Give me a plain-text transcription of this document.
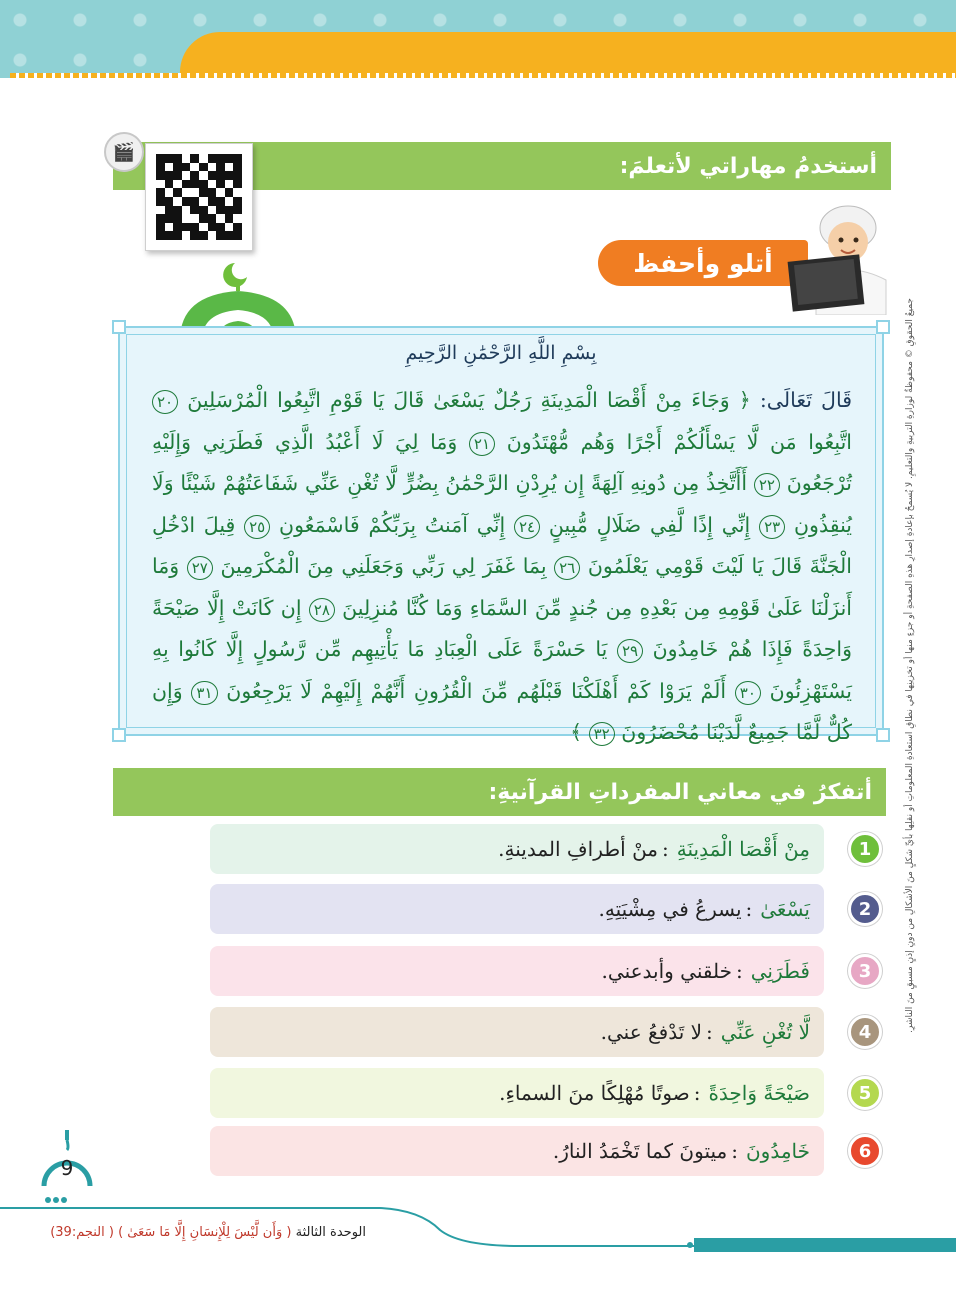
أستخدمُ مهاراتي لأتعلمَ:
🎬
أتلو وأحفظ
بِسْمِ اللَّهِ الرَّحْمَٰنِ الرَّحِيمِ
قَالَ تَعَالَى: ﴿ وَجَاءَ مِنْ أَقْصَا الْمَدِينَةِ رَجُلٌ يَسْعَىٰ قَالَ يَا قَوْمِ اتَّبِعُوا الْمُرْسَلِينَ ٢٠ اتَّبِعُوا مَن لَّا يَسْأَلُكُمْ أَجْرًا وَهُم مُّهْتَدُونَ ٢١ وَمَا لِيَ لَا أَعْبُدُ الَّذِي فَطَرَنِي وَإِلَيْهِ تُرْجَعُونَ ٢٢ أَأَتَّخِذُ مِن دُونِهِ آلِهَةً إِن يُرِدْنِ الرَّحْمَٰنُ بِضُرٍّ لَّا تُغْنِ عَنِّي شَفَاعَتُهُمْ شَيْئًا وَلَا يُنقِذُونِ ٢٣ إِنِّي إِذًا لَّفِي ضَلَالٍ مُّبِينٍ ٢٤ إِنِّي آمَنتُ بِرَبِّكُمْ فَاسْمَعُونِ ٢٥ قِيلَ ادْخُلِ الْجَنَّةَ قَالَ يَا لَيْتَ قَوْمِي يَعْلَمُونَ ٢٦ بِمَا غَفَرَ لِي رَبِّي وَجَعَلَنِي مِنَ الْمُكْرَمِينَ ٢٧ وَمَا أَنزَلْنَا عَلَىٰ قَوْمِهِ مِن بَعْدِهِ مِن جُندٍ مِّنَ السَّمَاءِ وَمَا كُنَّا مُنزِلِينَ ٢٨ إِن كَانَتْ إِلَّا صَيْحَةً وَاحِدَةً فَإِذَا هُمْ خَامِدُونَ ٢٩ يَا حَسْرَةً عَلَى الْعِبَادِ مَا يَأْتِيهِم مِّن رَّسُولٍ إِلَّا كَانُوا بِهِ يَسْتَهْزِئُونَ ٣٠ أَلَمْ يَرَوْا كَمْ أَهْلَكْنَا قَبْلَهُم مِّنَ الْقُرُونِ أَنَّهُمْ إِلَيْهِمْ لَا يَرْجِعُونَ ٣١ وَإِن كُلٌّ لَّمَّا جَمِيعٌ لَّدَيْنَا مُحْضَرُونَ ٣٢ ﴾
أتفكرُ في معاني المفرداتِ القرآنيةِ:
مِنْ أَقْصَا الْمَدِينَةِ
:
منْ أطرافِ المدينةِ.	1
يَسْعَىٰ
:
يسرعُ في مِشْيَتِهِ.	2
فَطَرَنِي
:
خلقني وأبدعني.	3
لَّا تُغْنِ عَنِّي
:
لا تَدْفعُ عني.	4
صَيْحَةً وَاحِدَةً
:
صوتًا مُهْلِكًا منَ السماءِ.	5
خَامِدُونَ
:
ميتونَ كما تَخْمَدُ النارُ.	6
جميعُ الحقوقِ © محفوظةٌ لوزارةِ التربيةِ والتعليمِ. لا يُسمحُ بإعادةِ إصدارِ هذهِ الصفحةِ أو جزءٍ منها أو تخزينِها في نطاقِ استعادةِ المعلوماتِ أو نقلِها بأيِّ شكلٍ منَ الأشكالِ من دونِ إذنٍ مسبقٍ منَ الناشرِ.
9
الوحدة الثالثة ( وَأَن لَّيْسَ لِلْإِنسَانِ إِلَّا مَا سَعَىٰ ) ( النجم:39)
